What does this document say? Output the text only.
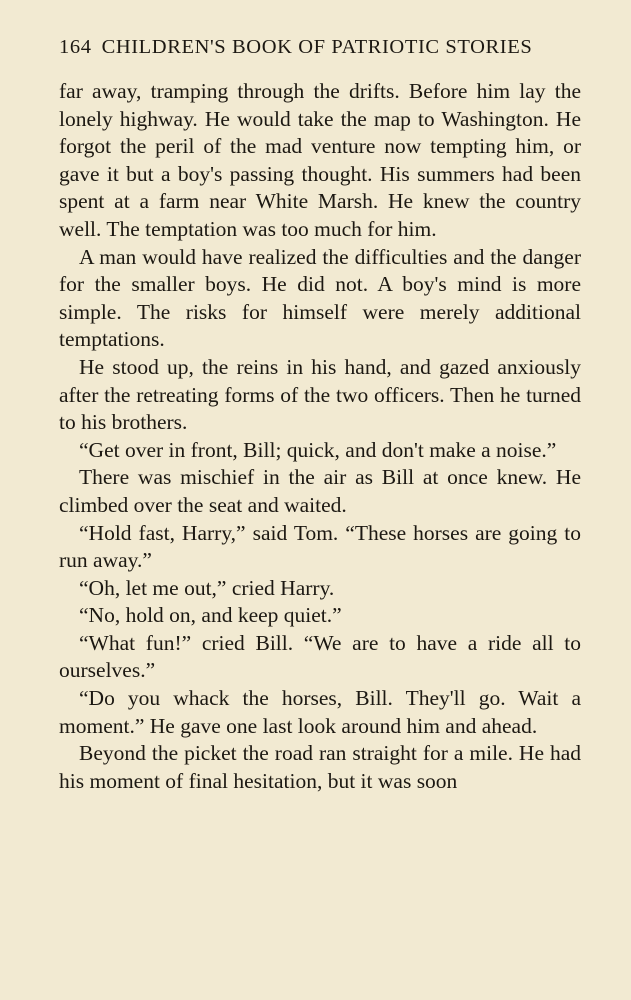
164 CHILDREN'S BOOK OF PATRIOTIC STORIES

far away, tramping through the drifts. Before him lay the lonely highway. He would take the map to Washington. He forgot the peril of the mad venture now tempting him, or gave it but a boy's passing thought. His summers had been spent at a farm near White Marsh. He knew the country well. The temptation was too much for him.

A man would have realized the difficulties and the danger for the smaller boys. He did not. A boy's mind is more simple. The risks for himself were merely additional temptations.

He stood up, the reins in his hand, and gazed anxiously after the retreating forms of the two officers. Then he turned to his brothers.

“Get over in front, Bill; quick, and don't make a noise.”

There was mischief in the air as Bill at once knew. He climbed over the seat and waited.

“Hold fast, Harry,” said Tom. “These horses are going to run away.”

“Oh, let me out,” cried Harry.

“No, hold on, and keep quiet.”

“What fun!” cried Bill. “We are to have a ride all to ourselves.”

“Do you whack the horses, Bill. They'll go. Wait a moment.” He gave one last look around him and ahead.

Beyond the picket the road ran straight for a mile. He had his moment of final hesitation, but it was soon
